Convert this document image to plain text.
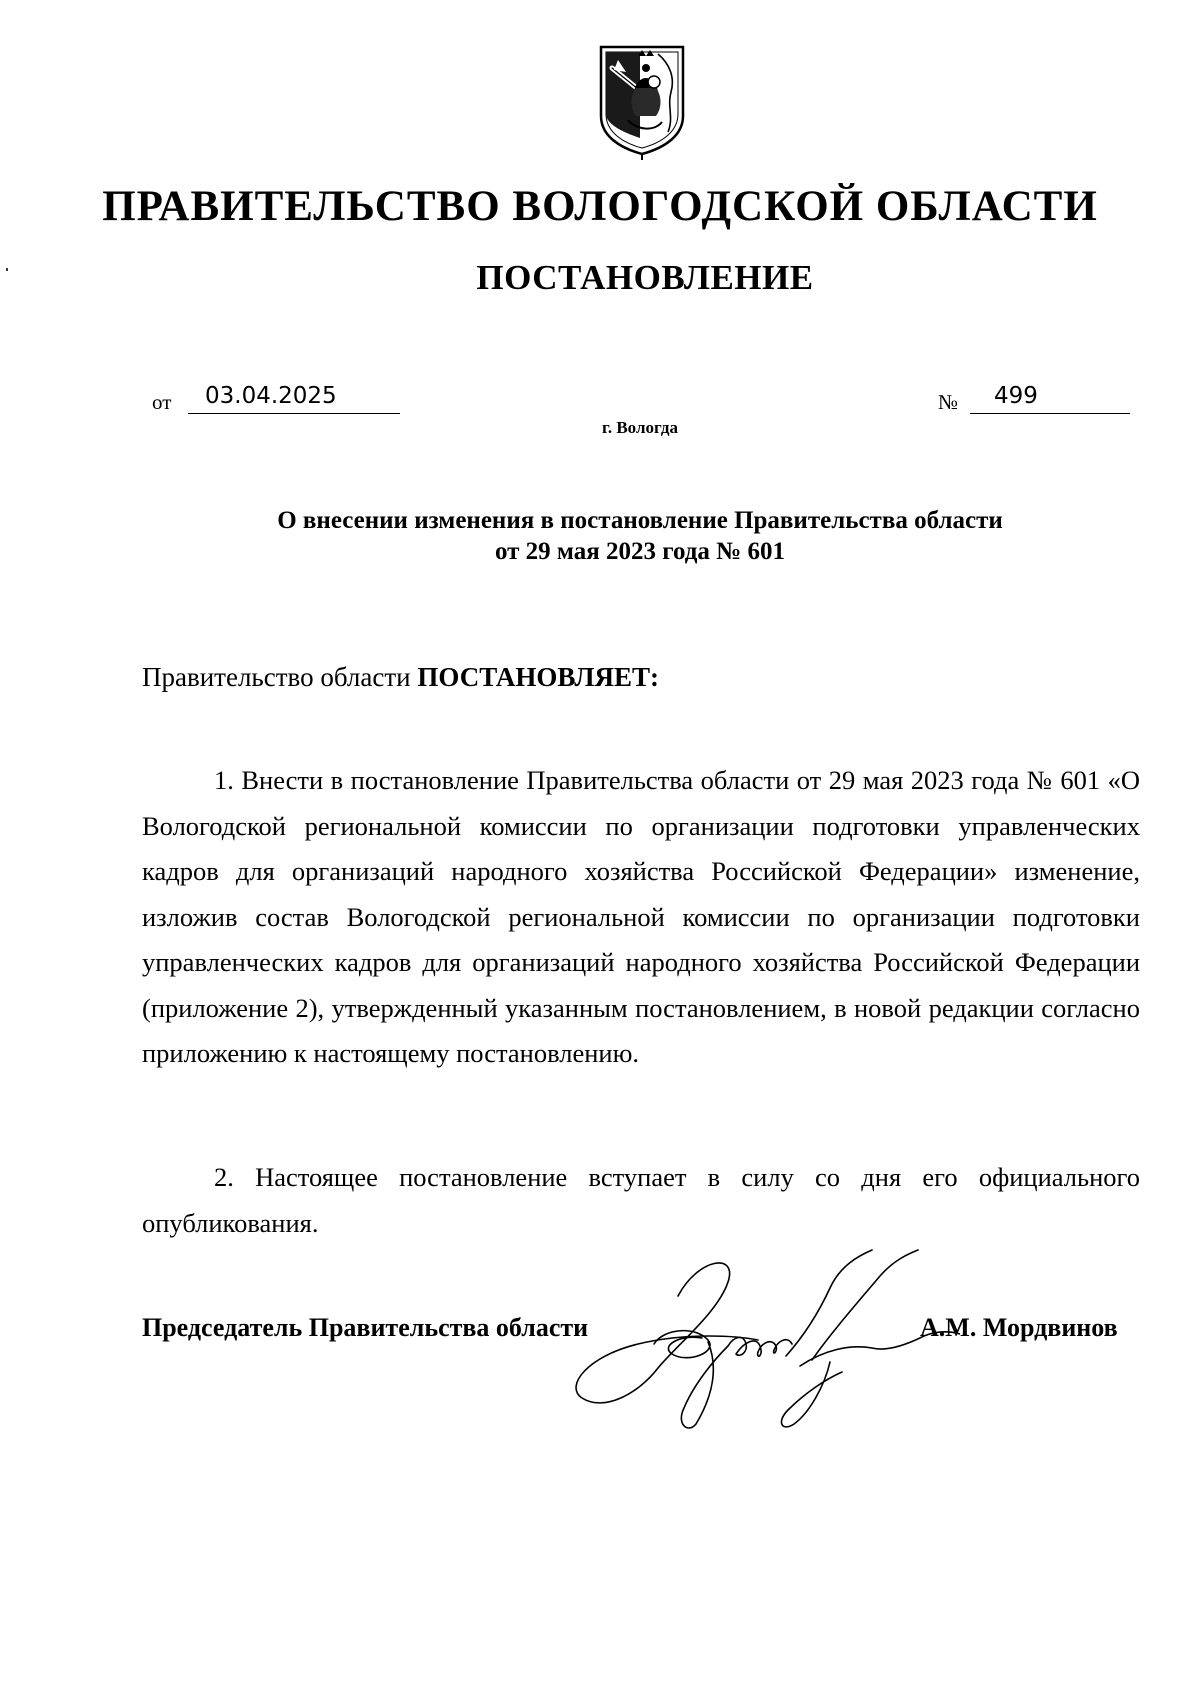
ПРАВИТЕЛЬСТВО ВОЛОГОДСКОЙ ОБЛАСТИ
ПОСТАНОВЛЕНИЕ
от 03.04.2025	№ 499
г. Вологда
О внесении изменения в постановление Правительства области
от 29 мая 2023 года № 601
Правительство области ПОСТАНОВЛЯЕТ:

1. Внести в постановление Правительства области от 29 мая 2023 года № 601 «О Вологодской региональной комиссии по организации подготовки управленческих кадров для организаций народного хозяйства Российской Федерации» изменение, изложив состав Вологодской региональной комиссии по организации подготовки управленческих кадров для организаций народного хозяйства Российской Федерации (приложение 2), утвержденный указанным постановлением, в новой редакции согласно приложению к настоящему постановлению.

2. Настоящее постановление вступает в силу со дня его официального опубликования.

Председатель Правительства области	А.М. Мордвинов
